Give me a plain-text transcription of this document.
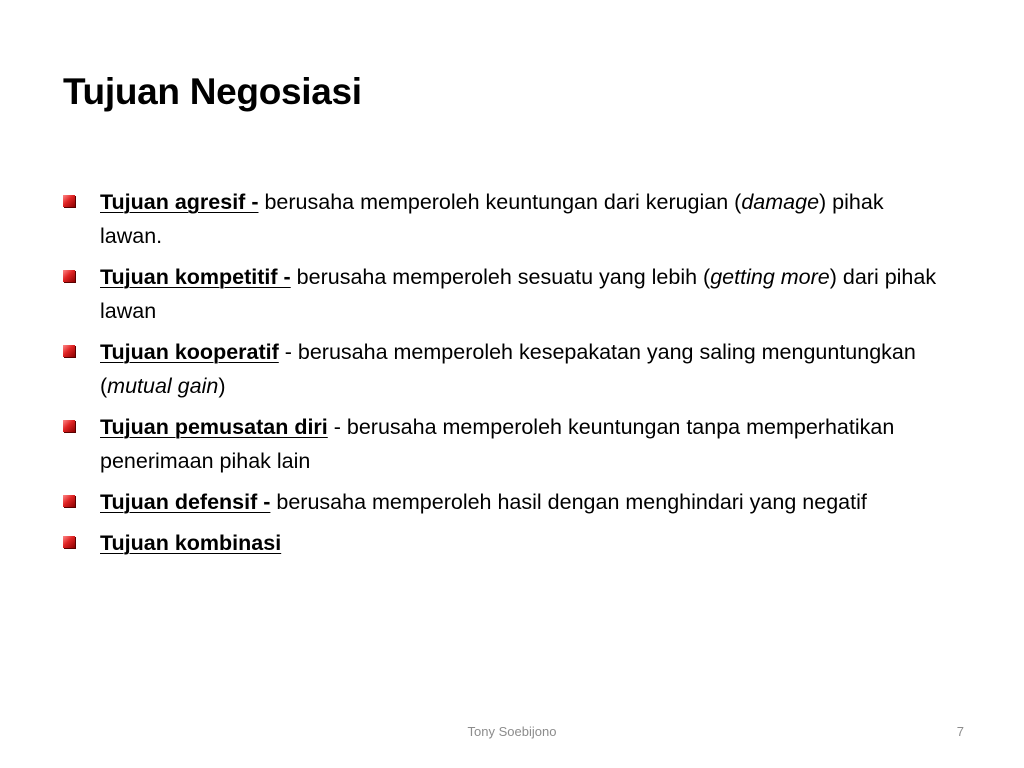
Tujuan Negosiasi
Tujuan agresif - berusaha memperoleh keuntungan dari kerugian (damage) pihak lawan.
Tujuan kompetitif - berusaha memperoleh sesuatu yang lebih (getting more) dari pihak lawan
Tujuan kooperatif - berusaha memperoleh kesepakatan yang saling menguntungkan (mutual gain)
Tujuan pemusatan diri - berusaha memperoleh keuntungan tanpa memperhatikan penerimaan pihak lain
Tujuan defensif - berusaha memperoleh hasil dengan menghindari yang negatif
Tujuan kombinasi
Tony Soebijono	7
